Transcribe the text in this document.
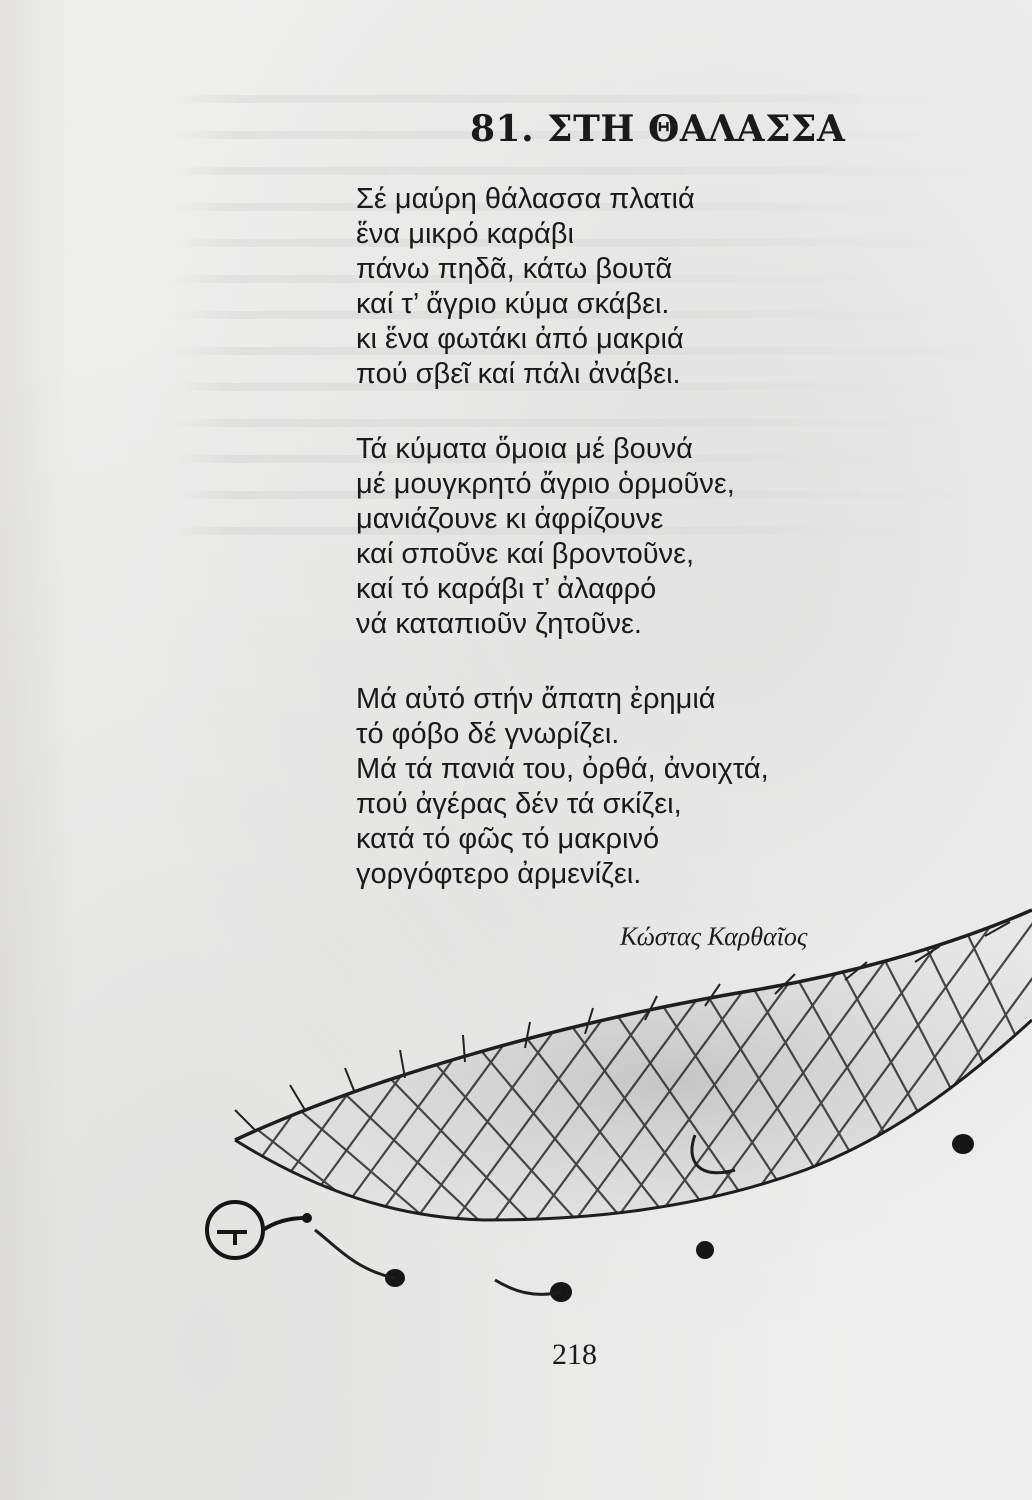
81. ΣΤΗ ΘΑΛΑΣΣΑ
Σέ μαύρη θάλασσα πλατιά
ἕνα μικρό καράβι
πάνω πηδᾶ, κάτω βουτᾶ
καί τ’ ἄγριο κύμα σκάβει.
κι ἕνα φωτάκι ἀπό μακριά
πού σβεῖ καί πάλι ἀνάβει.
Τά κύματα ὅμοια μέ βουνά
μέ μουγκρητό ἄγριο ὁρμοῦνε,
μανιάζουνε κι ἀφρίζουνε
καί σποῦνε καί βροντοῦνε,
καί τό καράβι τ’ ἀλαφρό
νά καταπιοῦν ζητοῦνε.
Μά αὐτό στήν ἄπατη ἐρημιά
τό φόβο δέ γνωρίζει.
Μά τά πανιά του, ὀρθά, ἀνοιχτά,
πού ἀγέρας δέν τά σκίζει,
κατά τό φῶς τό μακρινό
γοργόφτερο ἀρμενίζει.
Κώστας Καρθαῖος
218
